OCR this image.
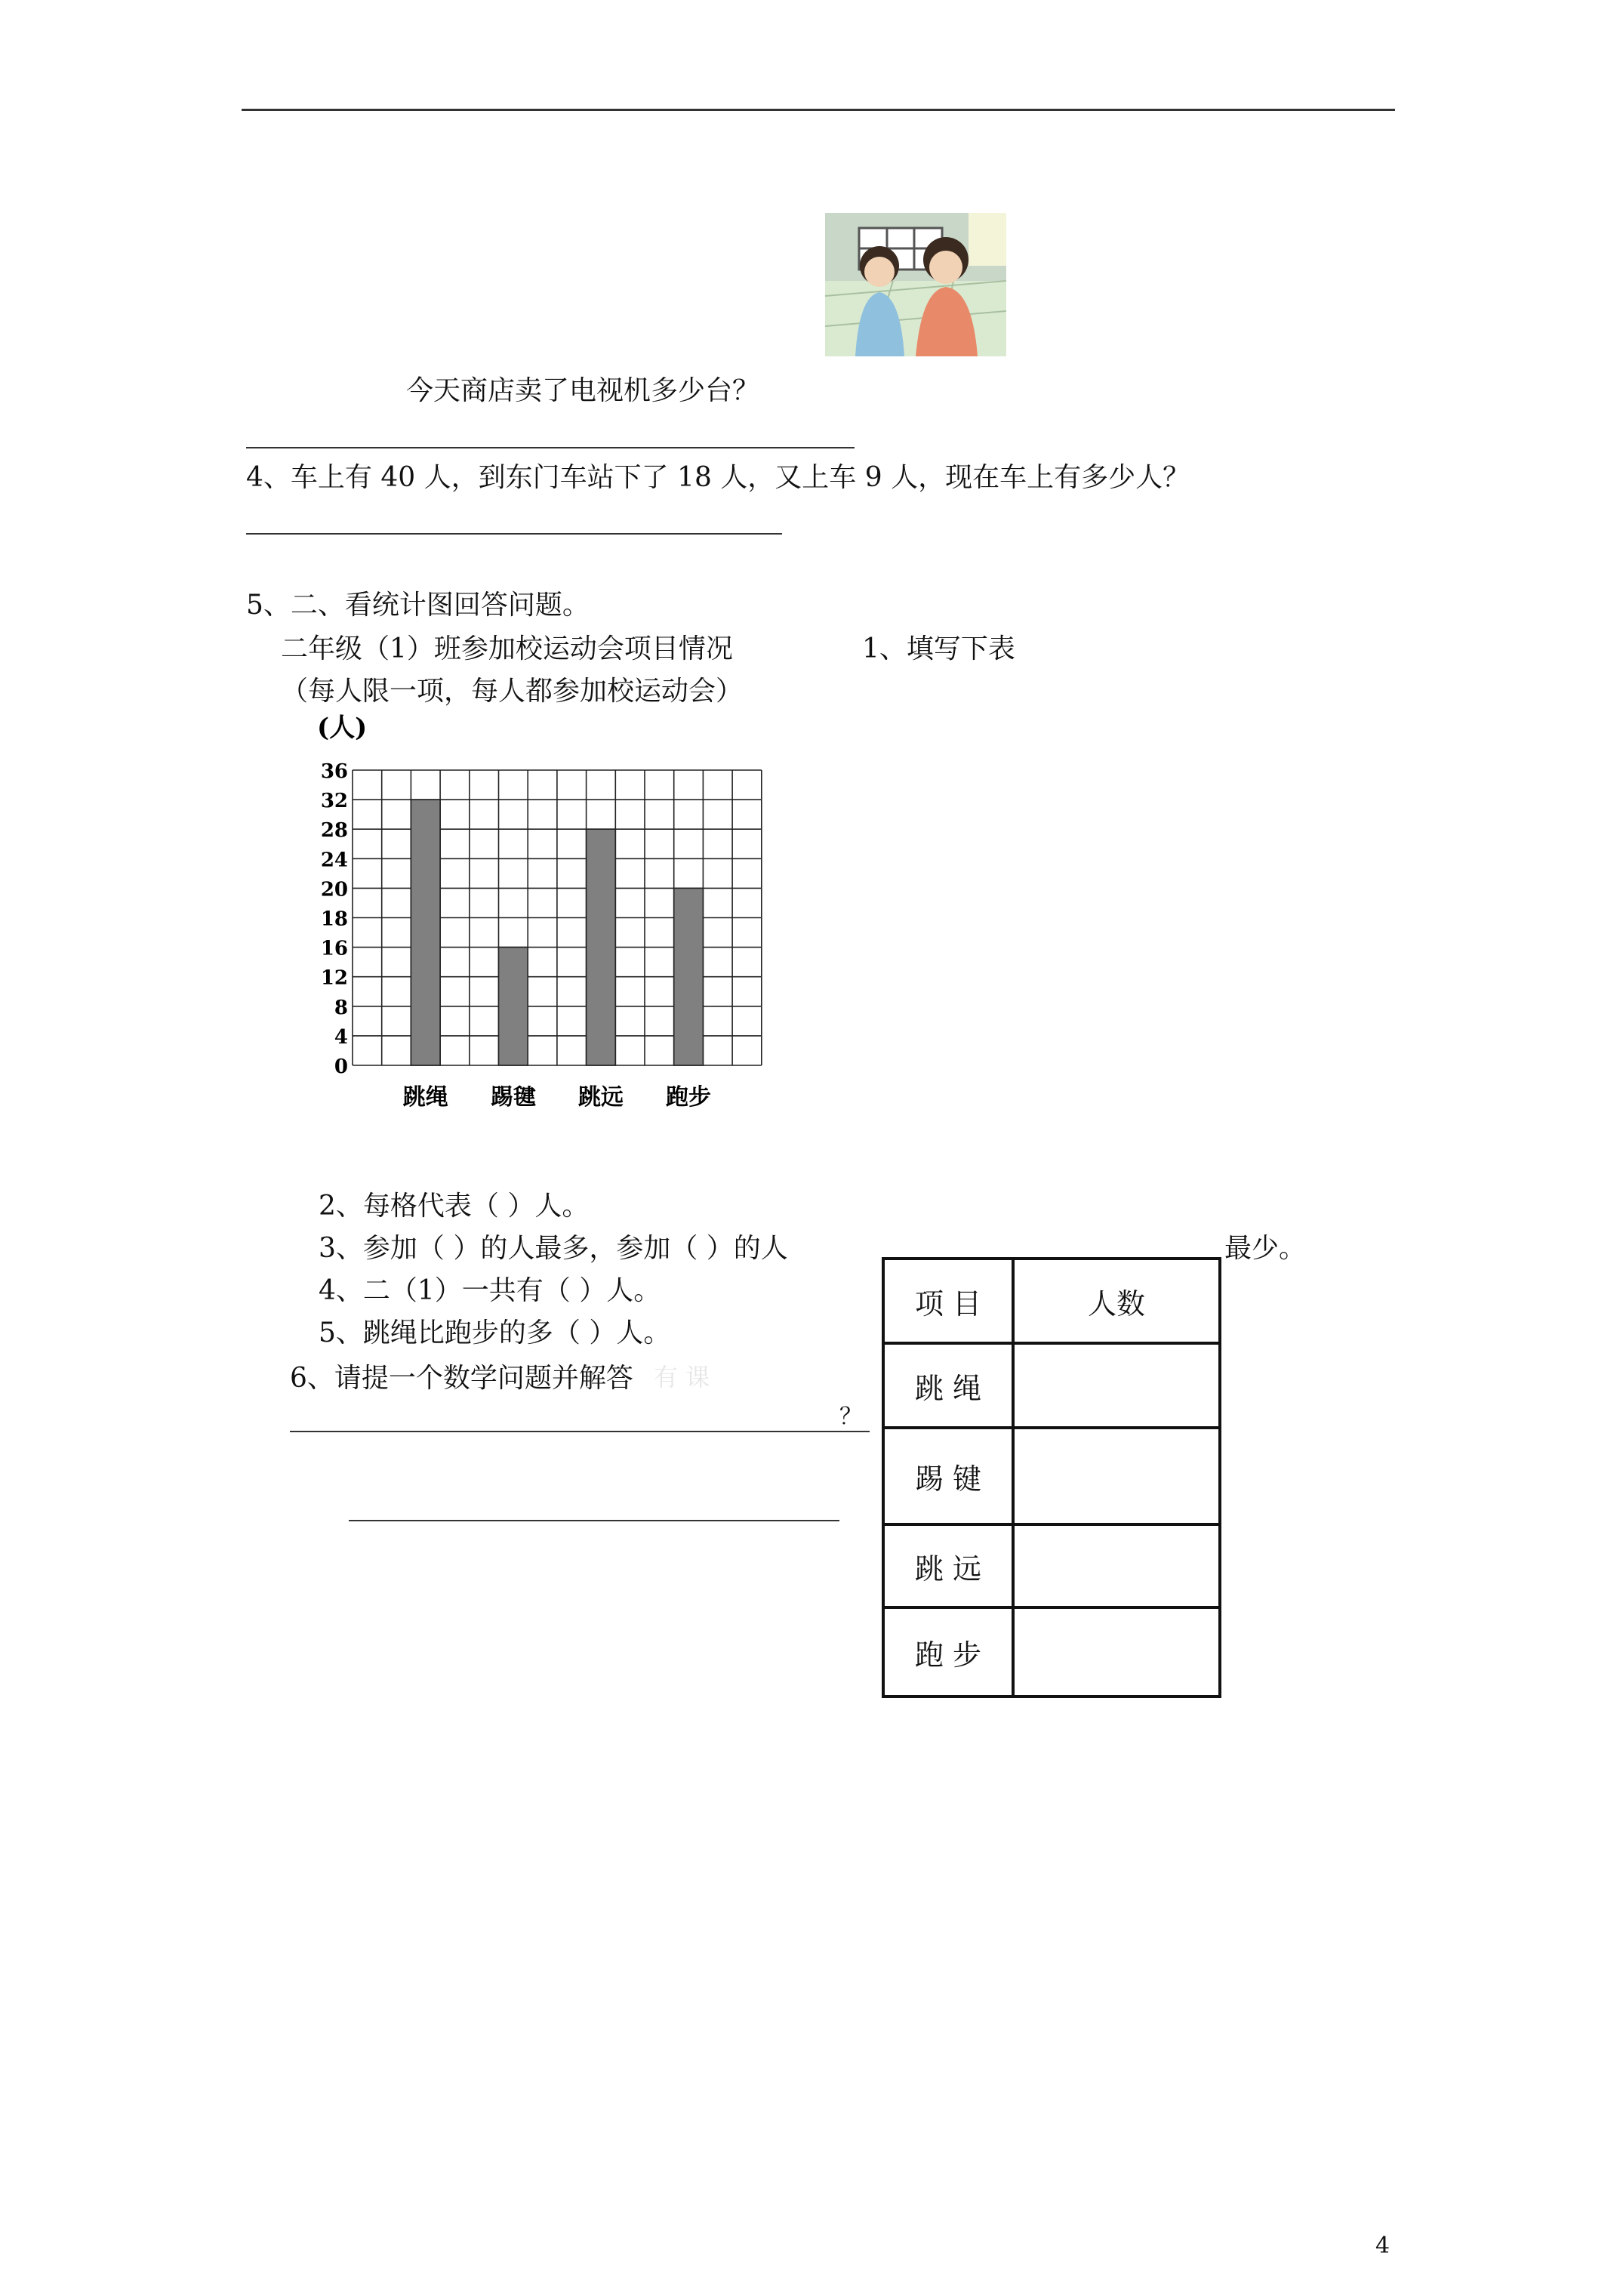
今天商店卖了电视机多少台？
4、车上有 40 人，到东门车站下了 18 人，又上车 9 人，现在车上有多少人？
5、二、看统计图回答问题。
二年级（1）班参加校运动会项目情况	1、填写下表
（每人限一项，每人都参加校运动会）
(人)
0
4
8
12
16
18
20
24
28
32
36
跳绳 踢毽 跳远 跑步
2、每格代表（ ）人。
3、参加（ ）的人最多，参加（ ）的人	最少。
4、二（1）一共有（ ）人。
5、跳绳比跑步的多（ ）人。
6、请提一个数学问题并解答 有 课
？
项 目	人数
跳 绳	
踢 键	
跳 远	
跑 步	
4
